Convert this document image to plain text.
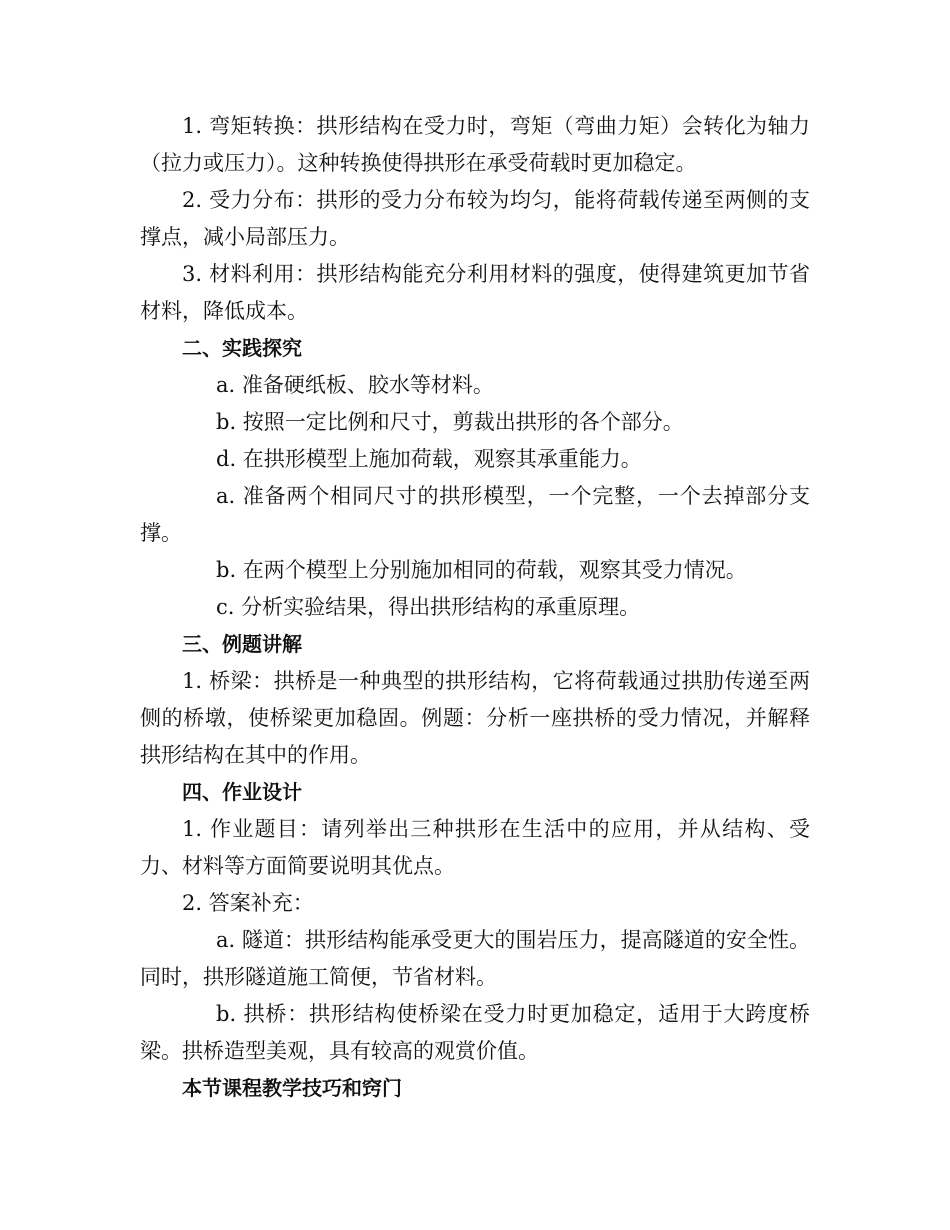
1. 弯矩转换：拱形结构在受力时，弯矩（弯曲力矩）会转化为轴力（拉力或压力）。这种转换使得拱形在承受荷载时更加稳定。

2. 受力分布：拱形的受力分布较为均匀，能将荷载传递至两侧的支撑点，减小局部压力。

3. 材料利用：拱形结构能充分利用材料的强度，使得建筑更加节省材料，降低成本。

二、实践探究

a. 准备硬纸板、胶水等材料。

b. 按照一定比例和尺寸，剪裁出拱形的各个部分。

d. 在拱形模型上施加荷载，观察其承重能力。

a. 准备两个相同尺寸的拱形模型，一个完整，一个去掉部分支撑。

b. 在两个模型上分别施加相同的荷载，观察其受力情况。

c. 分析实验结果，得出拱形结构的承重原理。

三、例题讲解

1. 桥梁：拱桥是一种典型的拱形结构，它将荷载通过拱肋传递至两侧的桥墩，使桥梁更加稳固。例题：分析一座拱桥的受力情况，并解释拱形结构在其中的作用。

四、作业设计

1. 作业题目：请列举出三种拱形在生活中的应用，并从结构、受力、材料等方面简要说明其优点。

2. 答案补充：

a. 隧道：拱形结构能承受更大的围岩压力，提高隧道的安全性。同时，拱形隧道施工简便，节省材料。

b. 拱桥：拱形结构使桥梁在受力时更加稳定，适用于大跨度桥梁。拱桥造型美观，具有较高的观赏价值。

本节课程教学技巧和窍门
